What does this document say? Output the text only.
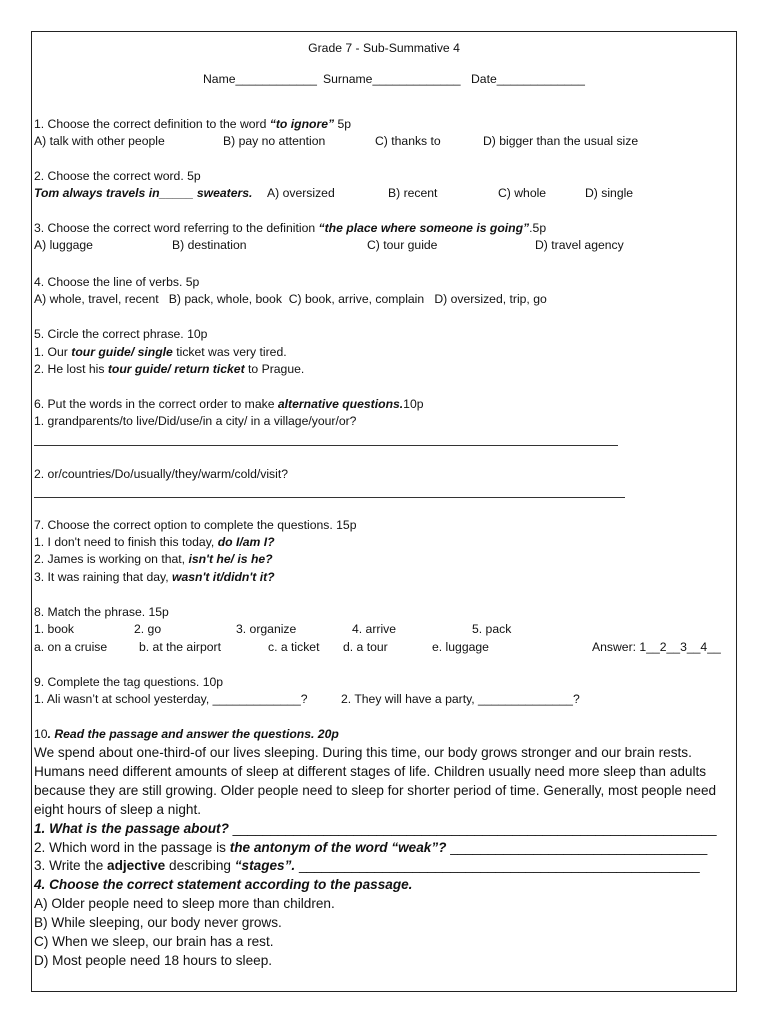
Grade 7 - Sub-Summative 4
Name____________ Surname_____________ Date_____________
1. Choose the correct definition to the word “to ignore” 5p
A) talk with other people	B) pay no attention	C) thanks to	D) bigger than the usual size
2. Choose the correct word. 5p
Tom always travels in_____ sweaters. A) oversized	B) recent	C) whole	D) single
3. Choose the correct word referring to the definition “the place where someone is going”.5p
A) luggage	B) destination	C) tour guide	D) travel agency
4. Choose the line of verbs. 5p
A) whole, travel, recent   B) pack, whole, book  C) book, arrive, complain   D) oversized, trip, go
5. Circle the correct phrase. 10p
1. Our tour guide/ single ticket was very tired.
2. He lost his tour guide/ return ticket to Prague.
6. Put the words in the correct order to make alternative questions.10p
1. grandparents/to live/Did/use/in a city/ in a village/your/or?
2. or/countries/Do/usually/they/warm/cold/visit?
7. Choose the correct option to complete the questions. 15p
1. I don't need to finish this today, do I/am I?
2. James is working on that, isn't he/ is he?
3. It was raining that day, wasn't it/didn't it?
8. Match the phrase. 15p
1. book	2. go	3. organize	4. arrive	5. pack
a. on a cruise	b. at the airport	c. a ticket d. a tour	e. luggage	Answer: 1__2__3__4__
9. Complete the tag questions. 10p
1. Ali wasn’t at school yesterday, _____________?	2. They will have a party, ______________?
10. Read the passage and answer the questions. 20p
We spend about one-third-of our lives sleeping. During this time, our body grows stronger and our brain rests.
Humans need different amounts of sleep at different stages of life. Children usually need more sleep than adults
because they are still growing. Older people need to sleep for shorter period of time. Generally, most people need
eight hours of sleep a night.
1. What is the passage about? ________________________________________________________________
2. Which word in the passage is the antonym of the word “weak”? __________________________________
3. Write the adjective describing “stages”. _____________________________________________________
4. Choose the correct statement according to the passage.
A) Older people need to sleep more than children.
B) While sleeping, our body never grows.
C) When we sleep, our brain has a rest.
D) Most people need 18 hours to sleep.
